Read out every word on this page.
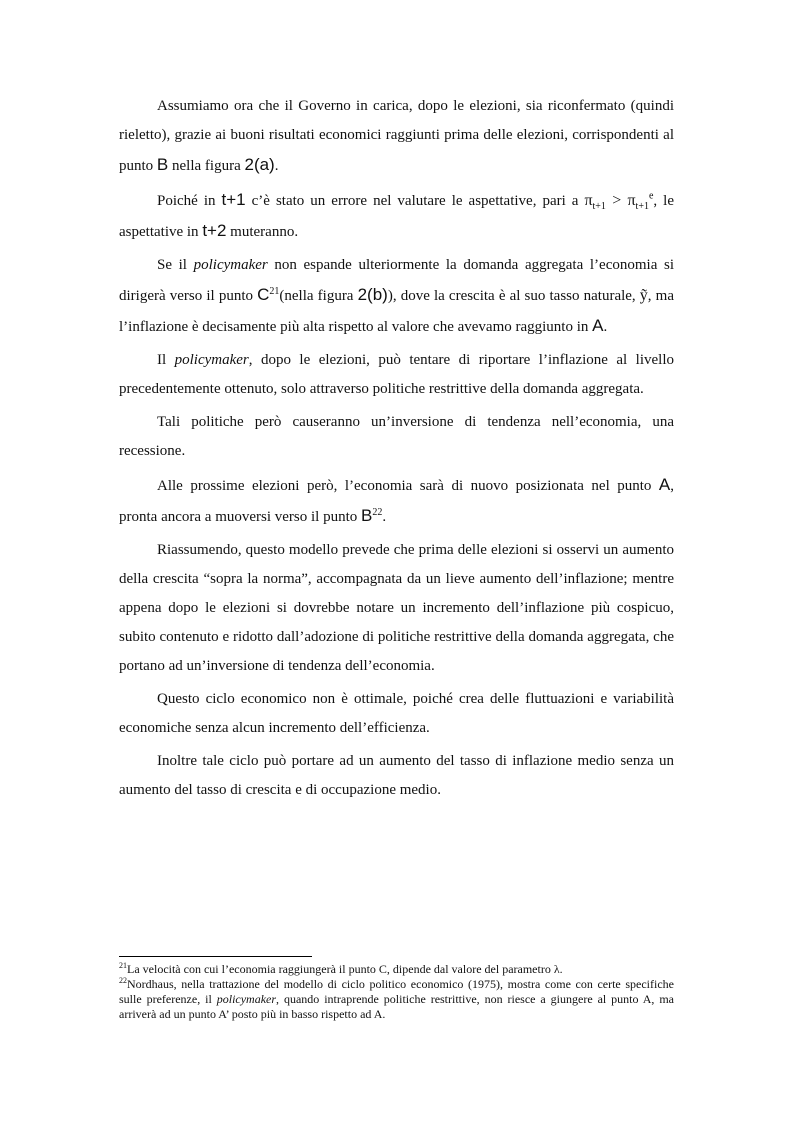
Assumiamo ora che il Governo in carica, dopo le elezioni, sia riconfermato (quindi rieletto), grazie ai buoni risultati economici raggiunti prima delle elezioni, corrispondenti al punto B nella figura 2(a).

Poiché in t+1 c’è stato un errore nel valutare le aspettative, pari a $\pi_{t+1} > \pi_{t+1}^e$, le aspettative in t+2 muteranno.

Se il policymaker non espande ulteriormente la domanda aggregata l’economia si dirigerà verso il punto $C^{21}(nella$ figura 2(b)), dove la crescita è al suo tasso naturale, ỹ, ma l’inflazione è decisamente più alta rispetto al valore che avevamo raggiunto in A.

Il policymaker, dopo le elezioni, può tentare di riportare l’inflazione al livello precedentemente ottenuto, solo attraverso politiche restrittive della domanda aggregata.

Tali politiche però causeranno un’inversione di tendenza nell’economia, una recessione.

Alle prossime elezioni però, l’economia sarà di nuovo posizionata nel punto A, pronta ancora a muoversi verso il punto $B^{22}$.

Riassumendo, questo modello prevede che prima delle elezioni si osservi un aumento della crescita “sopra la norma”, accompagnata da un lieve aumento dell’inflazione; mentre appena dopo le elezioni si dovrebbe notare un incremento dell’inflazione più cospicuo, subito contenuto e ridotto dall’adozione di politiche restrittive della domanda aggregata, che portano ad un’inversione di tendenza dell’economia.

Questo ciclo economico non è ottimale, poiché crea delle fluttuazioni e variabilità economiche senza alcun incremento dell’efficienza.

Inoltre tale ciclo può portare ad un aumento del tasso di inflazione medio senza un aumento del tasso di crescita e di occupazione medio.

$^{21}$La velocità con cui l’economia raggiungerà il punto C, dipende dal valore del parametro λ.

$^{22}$Nordhaus, nella trattazione del modello di ciclo politico economico (1975), mostra come con certe specifiche sulle preferenze, il policymaker, quando intraprende politiche restrittive, non riesce a giungere al punto A, ma arriverà ad un punto A’ posto più in basso rispetto ad A.
